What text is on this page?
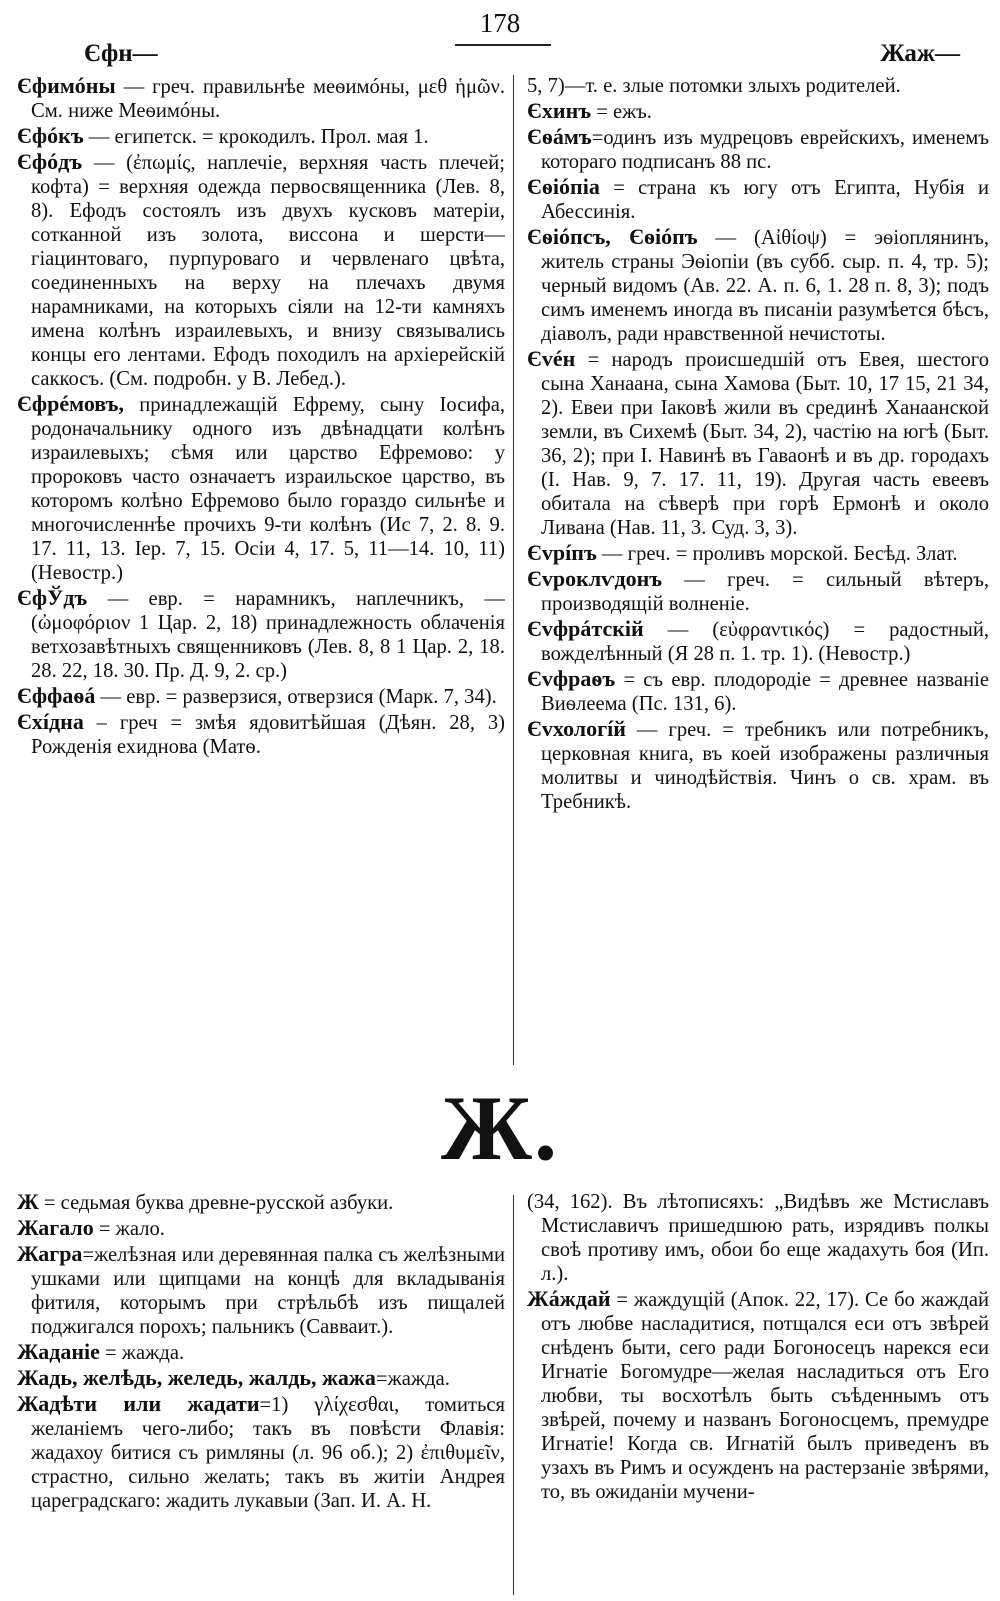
Єфн—
178
Жаж—
Єфимóны — греч. правильнѣе меѳимóны, μεθ ἡμῶν. См. ниже Меѳимóны.
Єфóкъ — египетск. = крокодилъ. Прол. мая 1.
Єфóдъ — (ἐπωμίς, наплечіе, верхняя часть плечей; кофта) = верхняя одежда первосвященника (Лев. 8, 8). Ефодъ состоялъ изъ двухъ кусковъ матеріи, сотканной изъ золота, виссона и шерсти—гіацинтоваго, пурпуроваго и червленаго цвѣта, соединенныхъ на верху на плечахъ двумя нарамниками, на которыхъ сіяли на 12-ти камняхъ имена колѣнъ израилевыхъ, и внизу связывались концы его лентами. Ефодъ походилъ на архіерейскій саккосъ. (См. подробн. у В. Лебед.).
Єфрéмовъ, принадлежащій Ефрему, сыну Іосифа, родоначальнику одного изъ двѣнадцати колѣнъ израилевыхъ; сѣмя или царство Ефремово: у пророковъ часто означаетъ израильское царство, въ которомъ колѣно Ефремово было гораздо сильнѣе и многочисленнѣе прочихъ 9-ти колѣнъ (Ис 7, 2. 8. 9. 17. 11, 13. Іер. 7, 15. Осіи 4, 17. 5, 11—14. 10, 11) (Невостр.)
ЄфЎдъ — евр. = нарамникъ, наплечникъ, —(ὠμοφόριον 1 Цар. 2, 18) принадлежность облаченія ветхозавѣтныхъ священниковъ (Лев. 8, 8 1 Цар. 2, 18. 28. 22, 18. 30. Пр. Д. 9, 2. ср.)
Єффаѳá — евр. = разверзися, отверзися (Марк. 7, 34).
Єхíдна – греч = змѣя ядовитѣйшая (Дѣян. 28, 3) Рожденія ехиднова (Матѳ.
5, 7)—т. е. злые потомки злыхъ родителей.
Єхинъ = ежъ.
Єѳáмъ=одинъ изъ мудрецовъ еврейскихъ, именемъ котораго подписанъ 88 пс.
Єѳіóпіа = страна къ югу отъ Египта, Нубія и Абессинія.
Єѳіóпсъ, Єѳіóпъ — (Αἰθίοψ) = эѳіоплянинъ, житель страны Эѳіопіи (въ субб. сыр. п. 4, тр. 5); черный видомъ (Ав. 22. А. п. 6, 1. 28 п. 8, 3); подъ симъ именемъ иногда въ писаніи разумѣется бѣсъ, діаволъ, ради нравственной нечистоты.
Єvéн = народъ происшедшій отъ Евея, шестого сына Ханаана, сына Хамова (Быт. 10, 17 15, 21 34, 2). Евеи при Іаковѣ жили въ срединѣ Ханаанской земли, въ Сихемѣ (Быт. 34, 2), частію на югѣ (Быт. 36, 2); при І. Навинѣ въ Гаваонѣ и въ др. городахъ (І. Нав. 9, 7. 17. 11, 19). Другая часть евеевъ обитала на сѣверѣ при горѣ Ермонѣ и около Ливана (Нав. 11, 3. Суд. 3, 3).
Єvрíпъ — греч. = проливъ морской. Бесѣд. Злат.
Єvроклѵдонъ — греч. = сильный вѣтеръ, производящій волненіе.
Єvфрáтскій — (εὐφραντικός) = радостный, вожделѣнный (Я 28 п. 1. тр. 1). (Невостр.)
Єvфраѳъ = съ евр. плодородіе = древнее названіе Виѳлеема (Пс. 131, 6).
Єvхологíй — греч. = требникъ или потребникъ, церковная книга, въ коей изображены различныя молитвы и чинодѣйствія. Чинъ о св. храм. въ Требникѣ.
Ж.
Ж = седьмая буква древне-русской азбуки.
Жагало = жало.
Жагра=желѣзная или деревянная палка съ желѣзными ушками или щипцами на концѣ для вкладыванія фитиля, которымъ при стрѣльбѣ изъ пищалей поджигался порохъ; пальникъ (Савваит.).
Жаданіе = жажда.
Жадь, желѣдь, желедь, жалдь, жажа=жажда.
Жадѣти или жадати=1) γλίχεσθαι, томиться желаніемъ чего-либо; такъ въ повѣсти Флавія: жадахоу битися съ римляны (л. 96 об.); 2) ἐπιθυμεῖν, страстно, сильно желать; такъ въ житіи Андрея цареградскаго: жадить лукавыи (Зап. И. А. Н.
(34, 162). Въ лѣтописяхъ: „Видѣвъ же Мстиславъ Мстиславичъ пришедшюю рать, изрядивъ полкы своѣ противу имъ, обои бо еще жадахуть боя (Ип. л.).
Жáждай = жаждущій (Апок. 22, 17). Се бо жаждай отъ любве насладитися, потщался еси отъ звѣрей снѣденъ быти, сего ради Богоносецъ нарекся еси Игнатіе Богомудре—желая насладиться отъ Его любви, ты восхотѣлъ быть съѣденнымъ отъ звѣрей, почему и названъ Богоносцемъ, премудре Игнатіе! Когда св. Игнатій былъ приведенъ въ узахъ въ Римъ и осужденъ на растерзаніе звѣрями, то, въ ожиданіи мучени-
